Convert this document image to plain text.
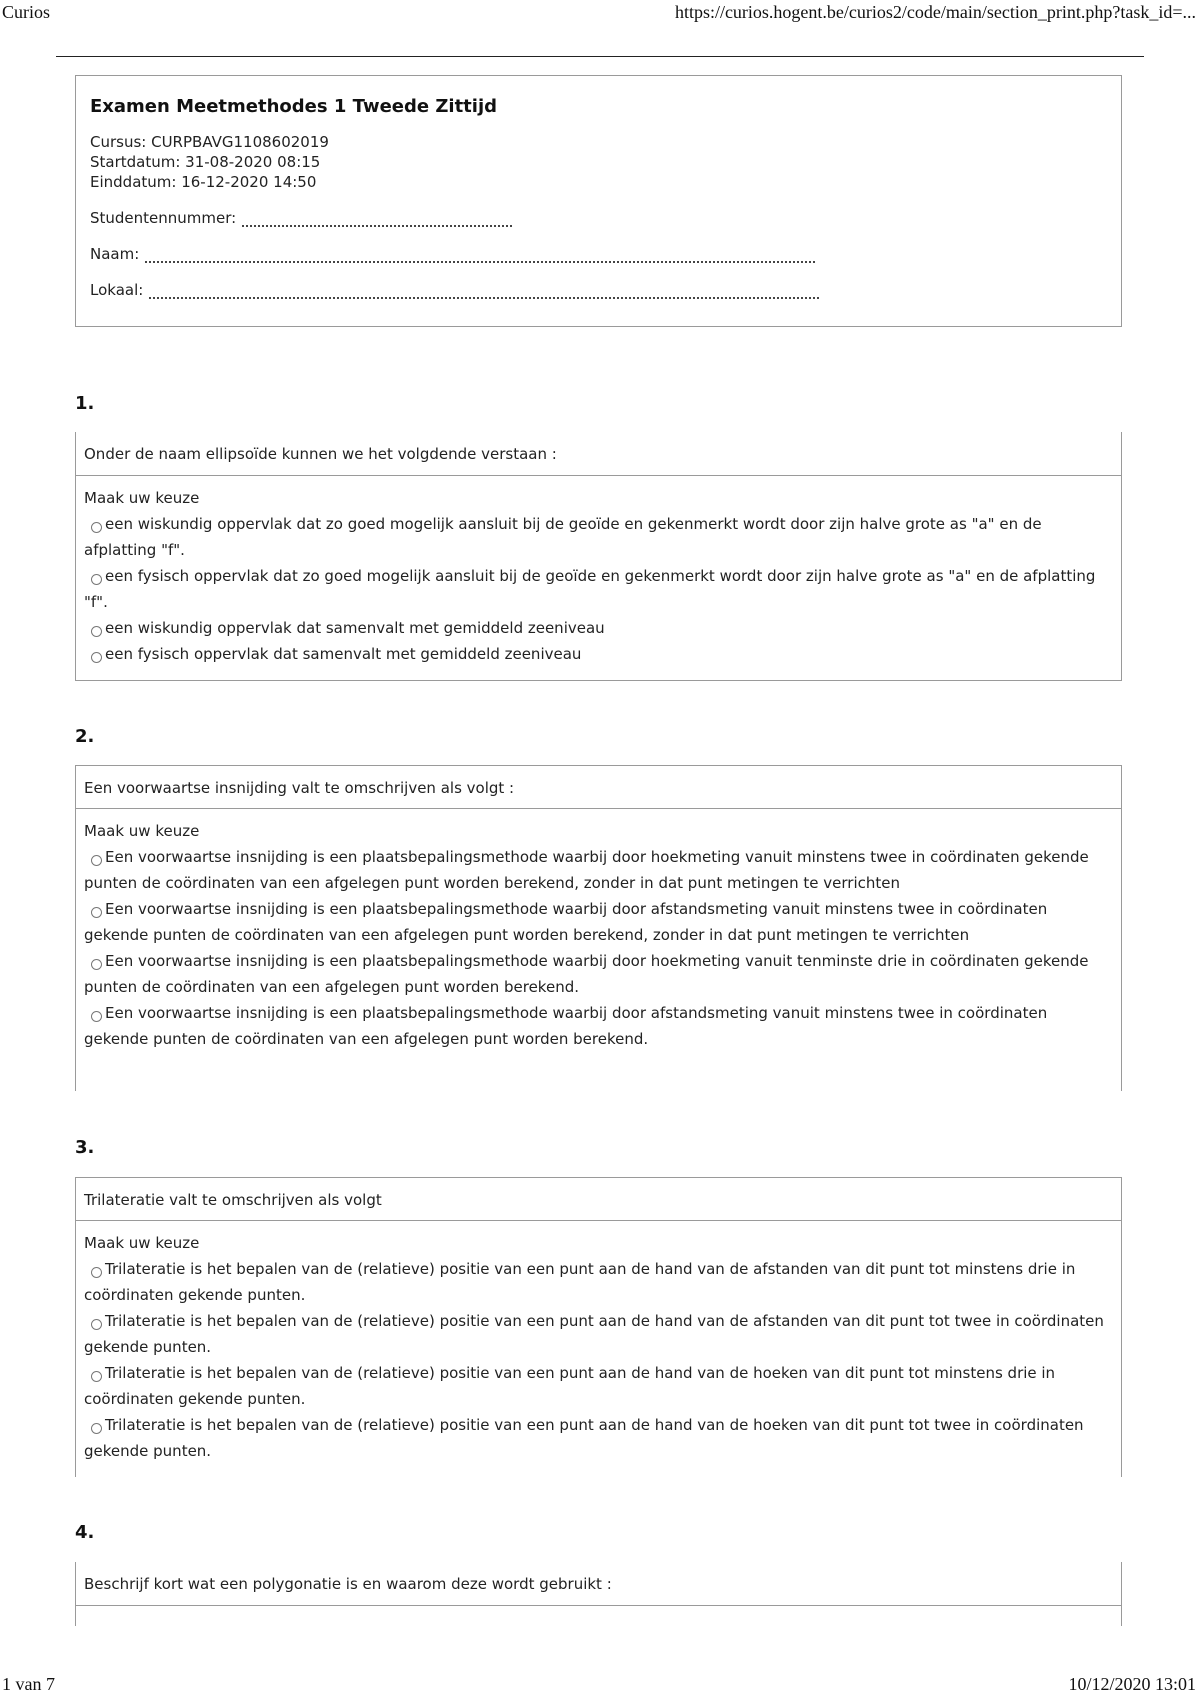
Curios	https://curios.hogent.be/curios2/code/main/section_print.php?task_id=...
Examen Meetmethodes 1 Tweede Zittijd
Cursus: CURPBAVG1108602019
Startdatum: 31-08-2020 08:15
Einddatum: 16-12-2020 14:50
Studentennummer:
Naam:
Lokaal:
1.
Onder de naam ellipsoïde kunnen we het volgdende verstaan :
Maak uw keuze
een wiskundig oppervlak dat zo goed mogelijk aansluit bij de geoïde en gekenmerkt wordt door zijn halve grote as "a" en de afplatting "f".
een fysisch oppervlak dat zo goed mogelijk aansluit bij de geoïde en gekenmerkt wordt door zijn halve grote as "a" en de afplatting "f".
een wiskundig oppervlak dat samenvalt met gemiddeld zeeniveau
een fysisch oppervlak dat samenvalt met gemiddeld zeeniveau
2.
Een voorwaartse insnijding valt te omschrijven als volgt :
Maak uw keuze
Een voorwaartse insnijding is een plaatsbepalingsmethode waarbij door hoekmeting vanuit minstens twee in coördinaten gekende punten de coördinaten van een afgelegen punt worden berekend, zonder in dat punt metingen te verrichten
Een voorwaartse insnijding is een plaatsbepalingsmethode waarbij door afstandsmeting vanuit minstens twee in coördinaten gekende punten de coördinaten van een afgelegen punt worden berekend, zonder in dat punt metingen te verrichten
Een voorwaartse insnijding is een plaatsbepalingsmethode waarbij door hoekmeting vanuit tenminste drie in coördinaten gekende punten de coördinaten van een afgelegen punt worden berekend.
Een voorwaartse insnijding is een plaatsbepalingsmethode waarbij door afstandsmeting vanuit minstens twee in coördinaten gekende punten de coördinaten van een afgelegen punt worden berekend.
3.
Trilateratie valt te omschrijven als volgt
Maak uw keuze
Trilateratie is het bepalen van de (relatieve) positie van een punt aan de hand van de afstanden van dit punt tot minstens drie in coördinaten gekende punten.
Trilateratie is het bepalen van de (relatieve) positie van een punt aan de hand van de afstanden van dit punt tot twee in coördinaten gekende punten.
Trilateratie is het bepalen van de (relatieve) positie van een punt aan de hand van de hoeken van dit punt tot minstens drie in coördinaten gekende punten.
Trilateratie is het bepalen van de (relatieve) positie van een punt aan de hand van de hoeken van dit punt tot twee in coördinaten gekende punten.
4.
Beschrijf kort wat een polygonatie is en waarom deze wordt gebruikt :
1 van 7	10/12/2020 13:01
